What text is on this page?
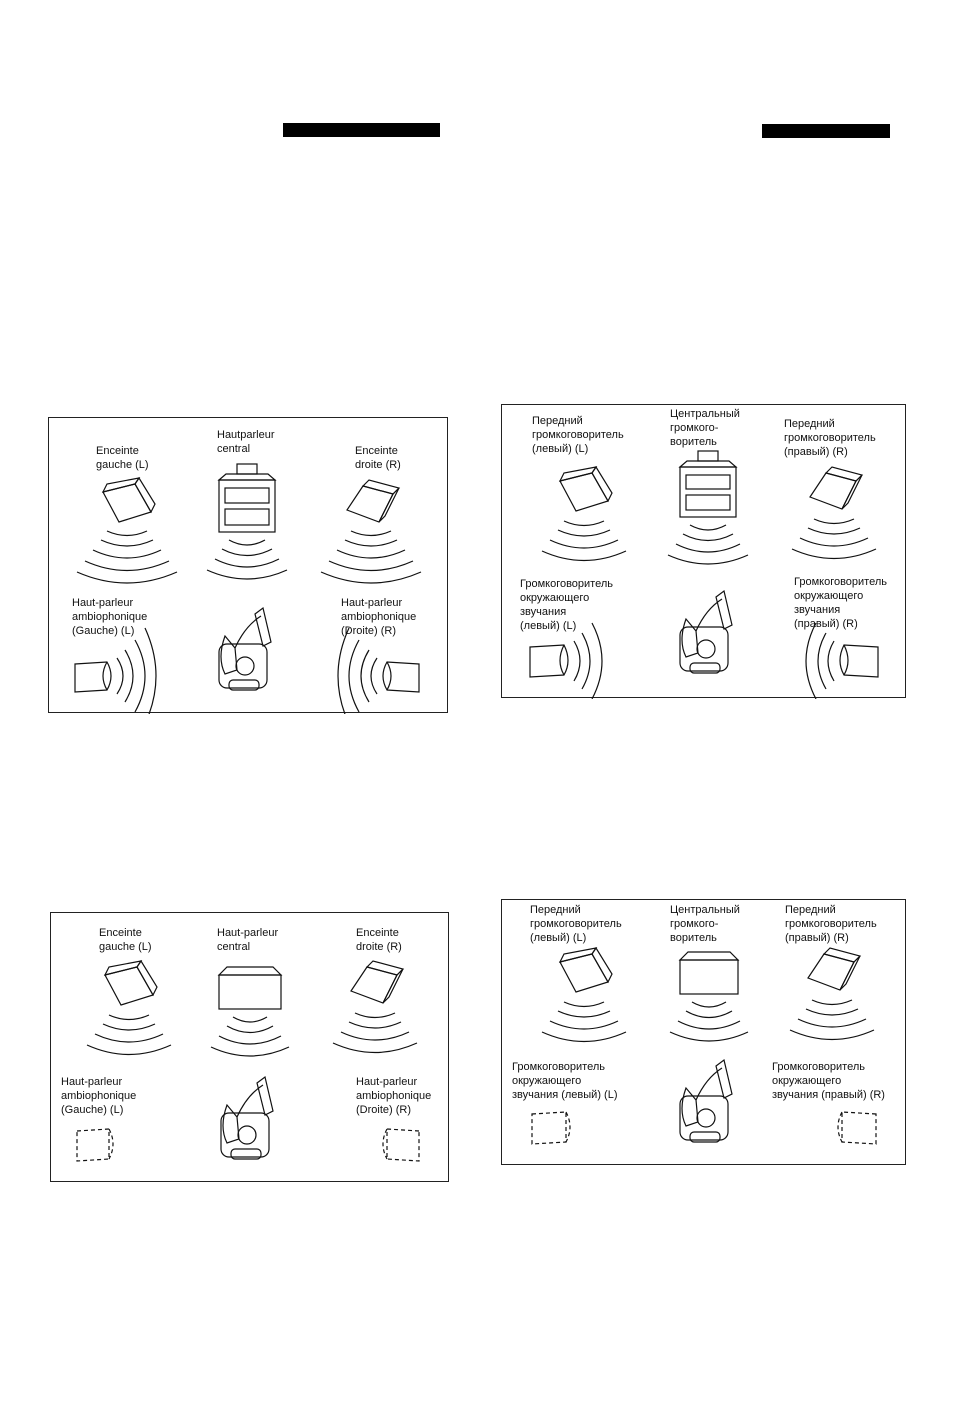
Enceinte
gauche (L)
Hautparleur
central	Enceinte
droite (R)
Haut-parleur
ambiophonique
(Gauche) (L)
Haut-parleur
ambiophonique
(Droite) (R)
Передний
громкоговоритель
(левый) (L)
Центральный
громкого-
воритель
Передний
громкоговоритель
(правый) (R)
Громкоговоритель
окружающего
звучания
(левый) (L)
Громкоговоритель
окружающего
звучания
(правый) (R)
Enceinte
gauche (L)
Haut-parleur
central
Enceinte
droite (R)
Haut-parleur
ambiophonique
(Gauche) (L)
Haut-parleur
ambiophonique
(Droite) (R)
Передний
громкоговоритель
(левый) (L)
Центральный
громкого-
воритель
Передний
громкоговоритель
(правый) (R)
Громкоговоритель
окружающего
звучания (левый) (L)
Громкоговоритель
окружающего
звучания (правый) (R)
